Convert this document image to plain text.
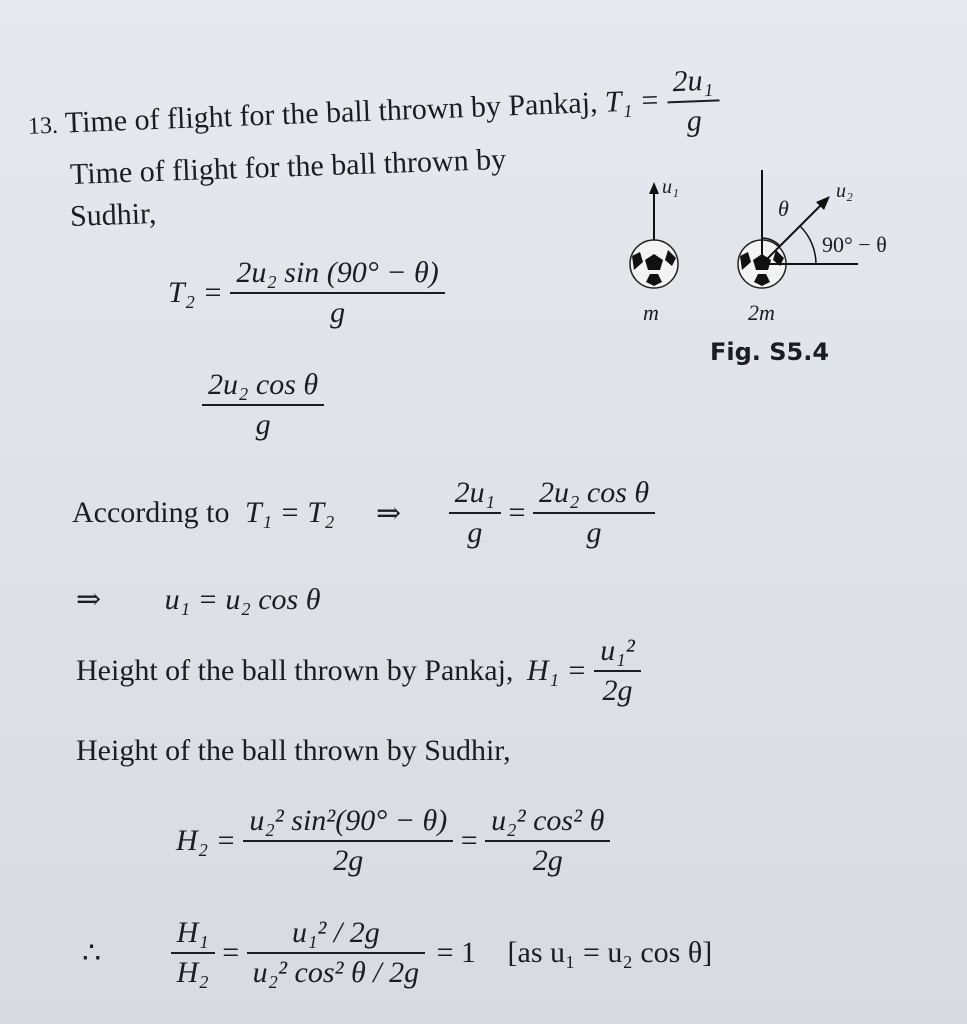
13. Time of flight for the ball thrown by Pankaj, $T_1 = \frac{\text{2u₁}}{g}$
Time of flight for the ball thrown by
Sudhir,
$T_2 = \frac{\text{2u₂ sin (90° − θ)}}{g}$
$\frac{\text{2u₂ cos θ}}{g}$
u₁
θ
u₂
90° − θ
m	2m
Fig. S5.4
According to T₁ = T₂ ⇒ $\frac{\text{2u₁}}{g} = \frac{\text{2u₂ cos θ}}{g}$
⇒ u₁ = u₂ cos θ
Height of the ball thrown by Pankaj, $H_1 = \frac{\text{u₁²}}{2g}$
Height of the ball thrown by Sudhir,
$H_2 = \frac{\text{u₂² sin²(90° − θ)}}{2g} = \frac{\text{u₂² cos² θ}}{2g}$
∴ $\frac{\text{H₁}}{\text{H₂}} = \frac{\text{u₁² / 2g}}{\text{u₂² cos² θ / 2g}} = 1$ [as u₁ = u₂ cos θ]
